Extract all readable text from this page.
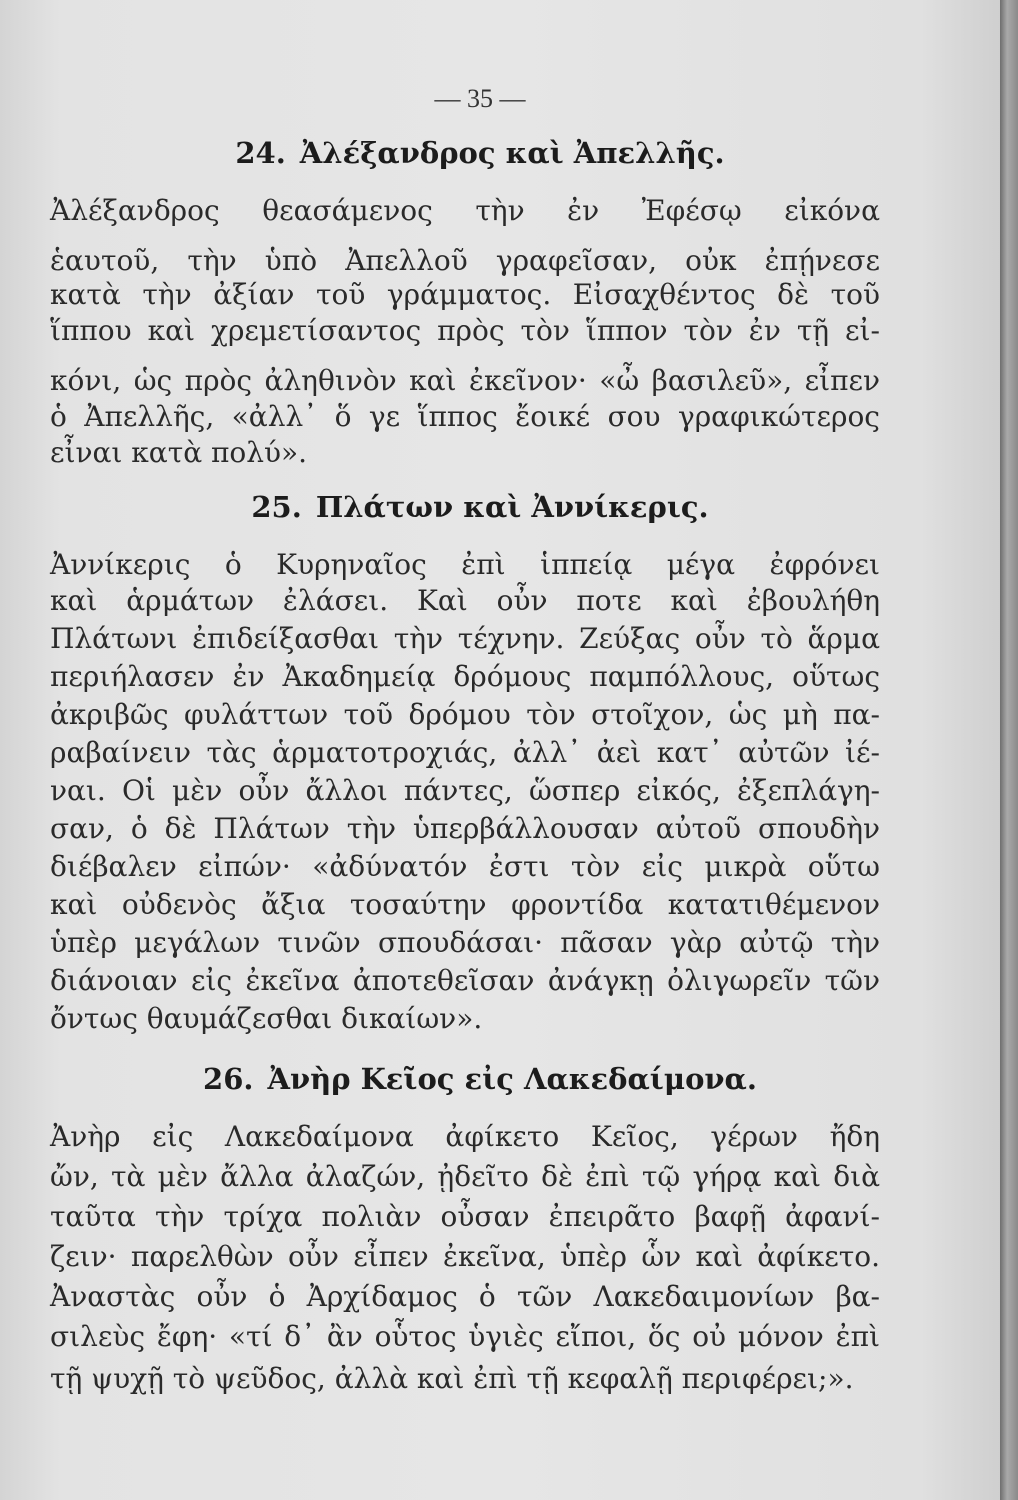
— 35 —
24. Ἀλέξανδρος καὶ Ἀπελλῆς.
Ἀλέξανδρος θεασάμενος τὴν ἐν Ἐφέσῳ εἰκόνα
ἑαυτοῦ, τὴν ὑπὸ Ἀπελλοῦ γραφεῖσαν, οὐκ ἐπῄνεσε
κατὰ τὴν ἀξίαν τοῦ γράμματος. Εἰσαχθέντος δὲ τοῦ
ἵππου καὶ χρεμετίσαντος πρὸς τὸν ἵππον τὸν ἐν τῇ εἰ-
κόνι, ὡς πρὸς ἀληθινὸν καὶ ἐκεῖνον· «ὦ βασιλεῦ», εἶπεν
ὁ Ἀπελλῆς, «ἀλλ᾽ ὅ γε ἵππος ἔοικέ σου γραφικώτερος
εἶναι κατὰ πολύ».
25. Πλάτων καὶ Ἀννίκερις.
Ἀννίκερις ὁ Κυρηναῖος ἐπὶ ἱππείᾳ μέγα ἐφρόνει
καὶ ἁρμάτων ἐλάσει. Καὶ οὖν ποτε καὶ ἐβουλήθη
Πλάτωνι ἐπιδείξασθαι τὴν τέχνην. Ζεύξας οὖν τὸ ἅρμα
περιήλασεν ἐν Ἀκαδημείᾳ δρόμους παμπόλλους, οὕτως
ἀκριβῶς φυλάττων τοῦ δρόμου τὸν στοῖχον, ὡς μὴ πα-
ραβαίνειν τὰς ἁρματοτροχιάς, ἀλλ᾽ ἀεὶ κατ᾽ αὐτῶν ἰέ-
ναι. Οἱ μὲν οὖν ἄλλοι πάντες, ὥσπερ εἰκός, ἐξεπλάγη-
σαν, ὁ δὲ Πλάτων τὴν ὑπερβάλλουσαν αὐτοῦ σπουδὴν
διέβαλεν εἰπών· «ἀδύνατόν ἐστι τὸν εἰς μικρὰ οὕτω
καὶ οὐδενὸς ἄξια τοσαύτην φροντίδα κατατιθέμενον
ὑπὲρ μεγάλων τινῶν σπουδάσαι· πᾶσαν γὰρ αὐτῷ τὴν
διάνοιαν εἰς ἐκεῖνα ἀποτεθεῖσαν ἀνάγκῃ ὀλιγωρεῖν τῶν
ὄντως θαυμάζεσθαι δικαίων».
26. Ἀνὴρ Κεῖος εἰς Λακεδαίμονα.
Ἀνὴρ εἰς Λακεδαίμονα ἀφίκετο Κεῖος, γέρων ἤδη
ὤν, τὰ μὲν ἄλλα ἀλαζών, ᾐδεῖτο δὲ ἐπὶ τῷ γήρᾳ καὶ διὰ
ταῦτα τὴν τρίχα πολιὰν οὖσαν ἐπειρᾶτο βαφῇ ἀφανί-
ζειν· παρελθὼν οὖν εἶπεν ἐκεῖνα, ὑπὲρ ὧν καὶ ἀφίκετο.
Ἀναστὰς οὖν ὁ Ἀρχίδαμος ὁ τῶν Λακεδαιμονίων βα-
σιλεὺς ἔφη· «τί δ᾽ ἂν οὗτος ὑγιὲς εἴποι, ὅς οὐ μόνον ἐπὶ
τῇ ψυχῇ τὸ ψεῦδος, ἀλλὰ καὶ ἐπὶ τῇ κεφαλῇ περιφέρει;».
